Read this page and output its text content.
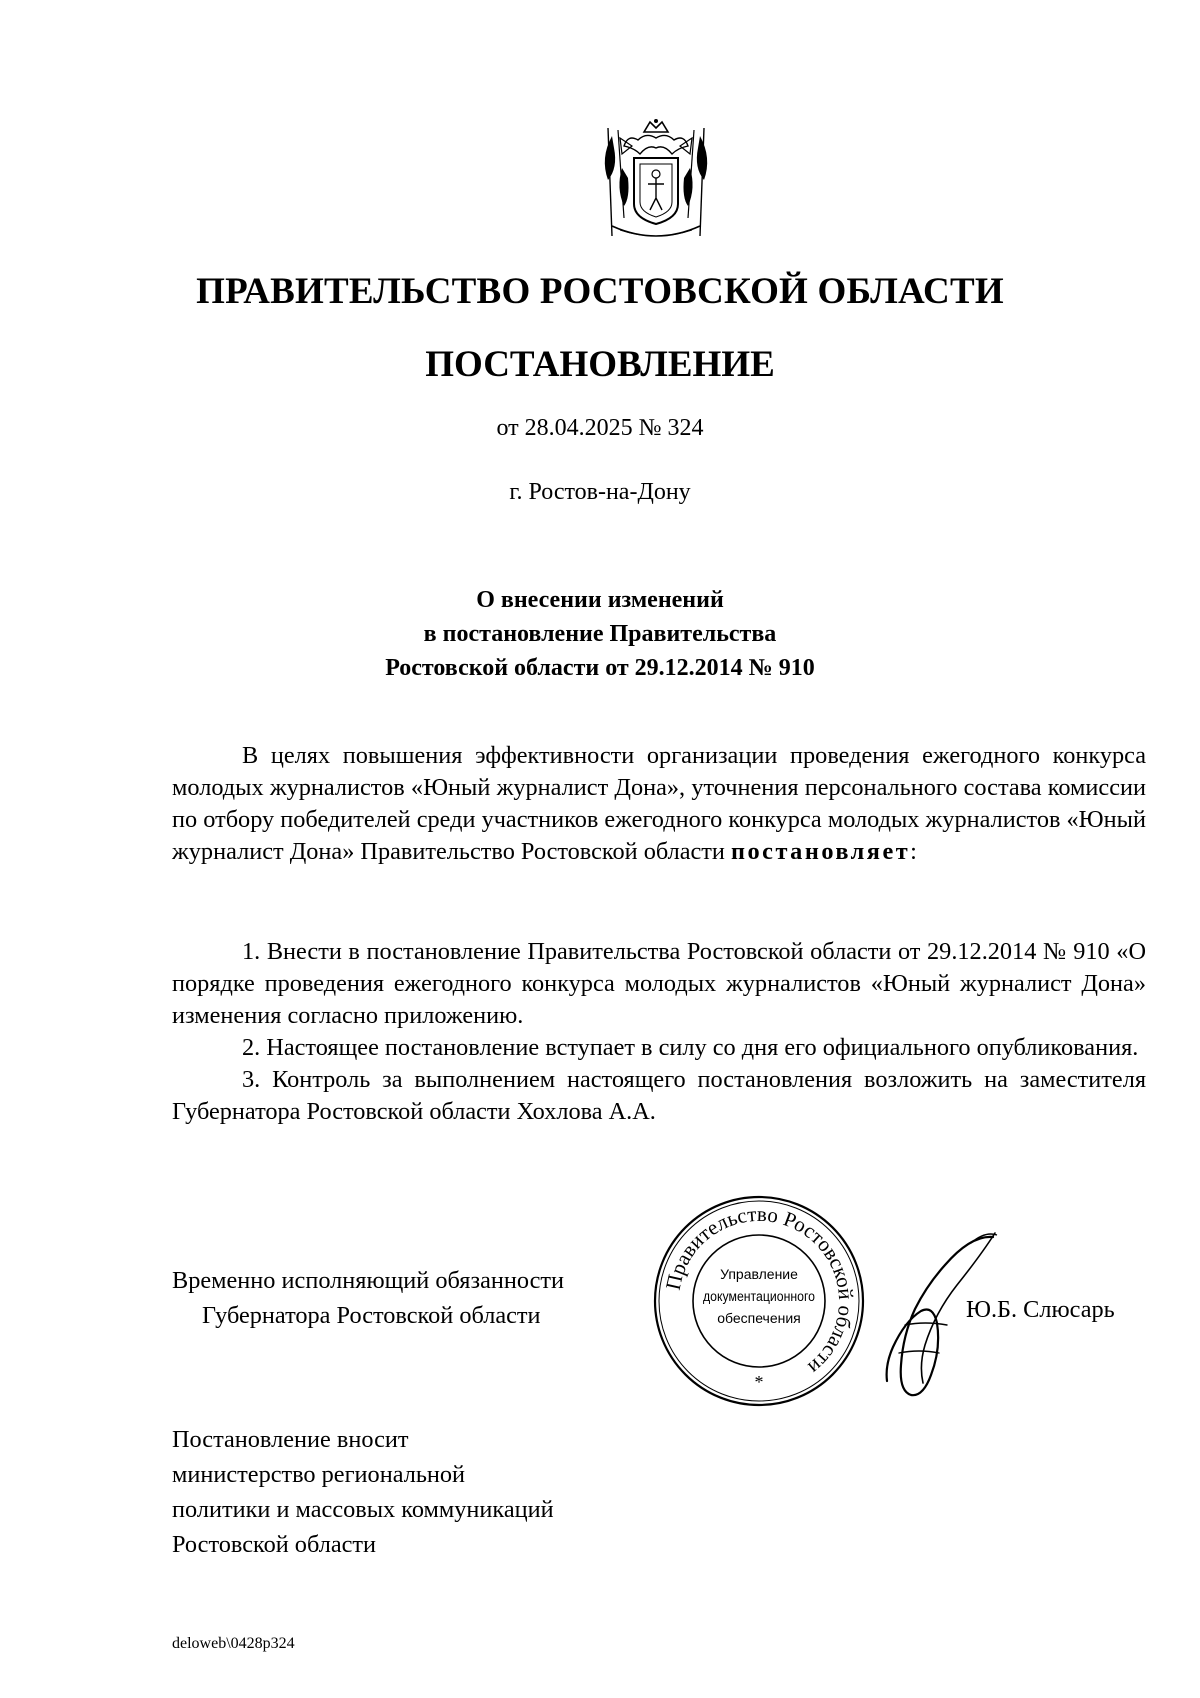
ПРАВИТЕЛЬСТВО РОСТОВСКОЙ ОБЛАСТИ
ПОСТАНОВЛЕНИЕ
от 28.04.2025 № 324
г. Ростов-на-Дону
О внесении изменений
в постановление Правительства
Ростовской области от 29.12.2014 № 910

В целях повышения эффективности организации проведения ежегодного конкурса молодых журналистов «Юный журналист Дона», уточнения персонального состава комиссии по отбору победителей среди участников ежегодного конкурса молодых журналистов «Юный журналист Дона» Правительство Ростовской области постановляет:

1. Внести в постановление Правительства Ростовской области от 29.12.2014 № 910 «О порядке проведения ежегодного конкурса молодых журналистов «Юный журналист Дона» изменения согласно приложению.

2. Настоящее постановление вступает в силу со дня его официального опубликования.

3. Контроль за выполнением настоящего постановления возложить на заместителя Губернатора Ростовской области Хохлова А.А.

Временно исполняющий обязанности
Губернатора Ростовской области
Правительство Ростовской области
Управление
документационного
обеспечения
*
Ю.Б. Слюсарь
Постановление вносит
министерство региональной
политики и массовых коммуникаций
Ростовской области
deloweb\0428p324
